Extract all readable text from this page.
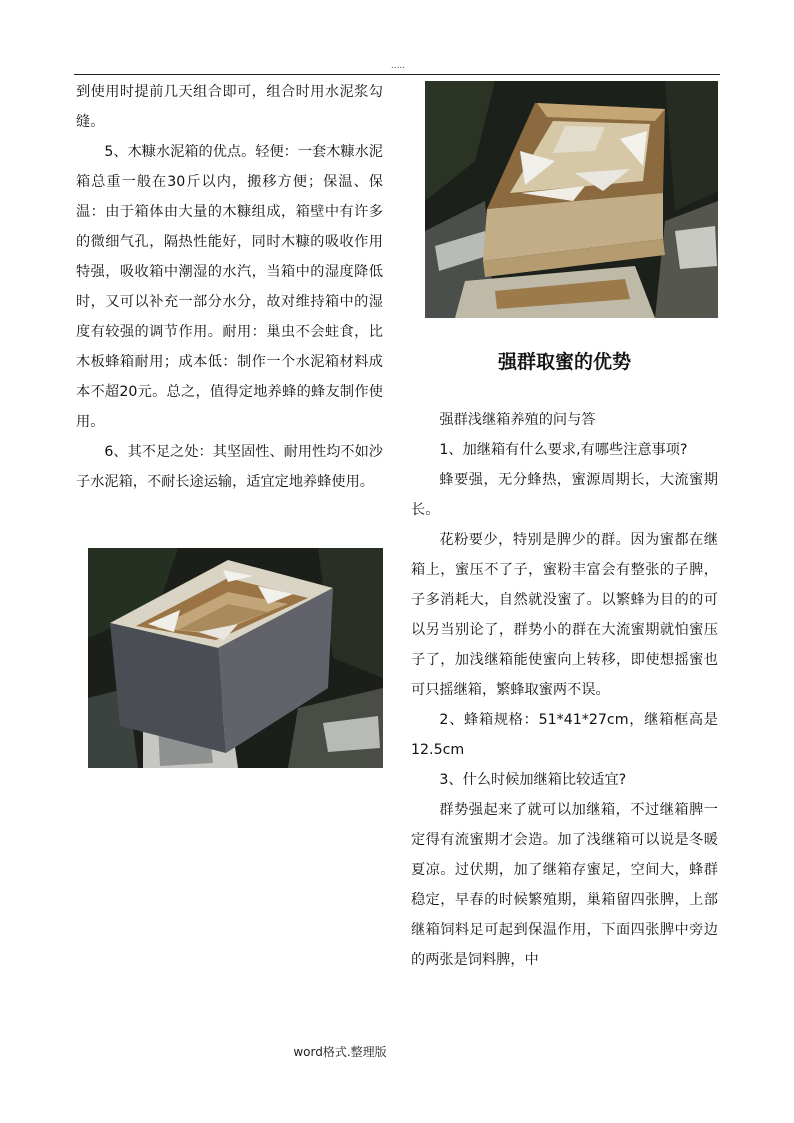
.....

到使用时提前几天组合即可，组合时用水泥浆勾缝。

5、木糠水泥箱的优点。轻便：一套木糠水泥箱总重一般在30斤以内，搬移方便；保温、保温：由于箱体由大量的木糠组成，箱壁中有许多的微细气孔，隔热性能好，同时木糠的吸收作用特强，吸收箱中潮湿的水汽，当箱中的湿度降低时，又可以补充一部分水分，故对维持箱中的湿度有较强的调节作用。耐用：巢虫不会蛀食，比木板蜂箱耐用；成本低：制作一个水泥箱材料成本不超20元。总之，值得定地养蜂的蜂友制作使用。

6、其不足之处：其坚固性、耐用性均不如沙子水泥箱，不耐长途运输，适宜定地养蜂使用。

强群取蜜的优势

强群浅继箱养殖的问与答

1、加继箱有什么要求,有哪些注意事项?

蜂要强，无分蜂热，蜜源周期长，大流蜜期长。

花粉要少，特别是脾少的群。因为蜜都在继箱上，蜜压不了子，蜜粉丰富会有整张的子脾，子多消耗大，自然就没蜜了。以繁蜂为目的的可以另当别论了，群势小的群在大流蜜期就怕蜜压子了，加浅继箱能使蜜向上转移，即使想摇蜜也可只摇继箱，繁蜂取蜜两不误。

2、蜂箱规格：51*41*27cm，继箱框高是12.5cm

3、什么时候加继箱比较适宜?

群势强起来了就可以加继箱，不过继箱脾一定得有流蜜期才会造。加了浅继箱可以说是冬暖夏凉。过伏期，加了继箱存蜜足，空间大，蜂群稳定，早春的时候繁殖期，巢箱留四张脾，上部继箱饲料足可起到保温作用，下面四张脾中旁边的两张是饲料脾，中

word格式.整理版
